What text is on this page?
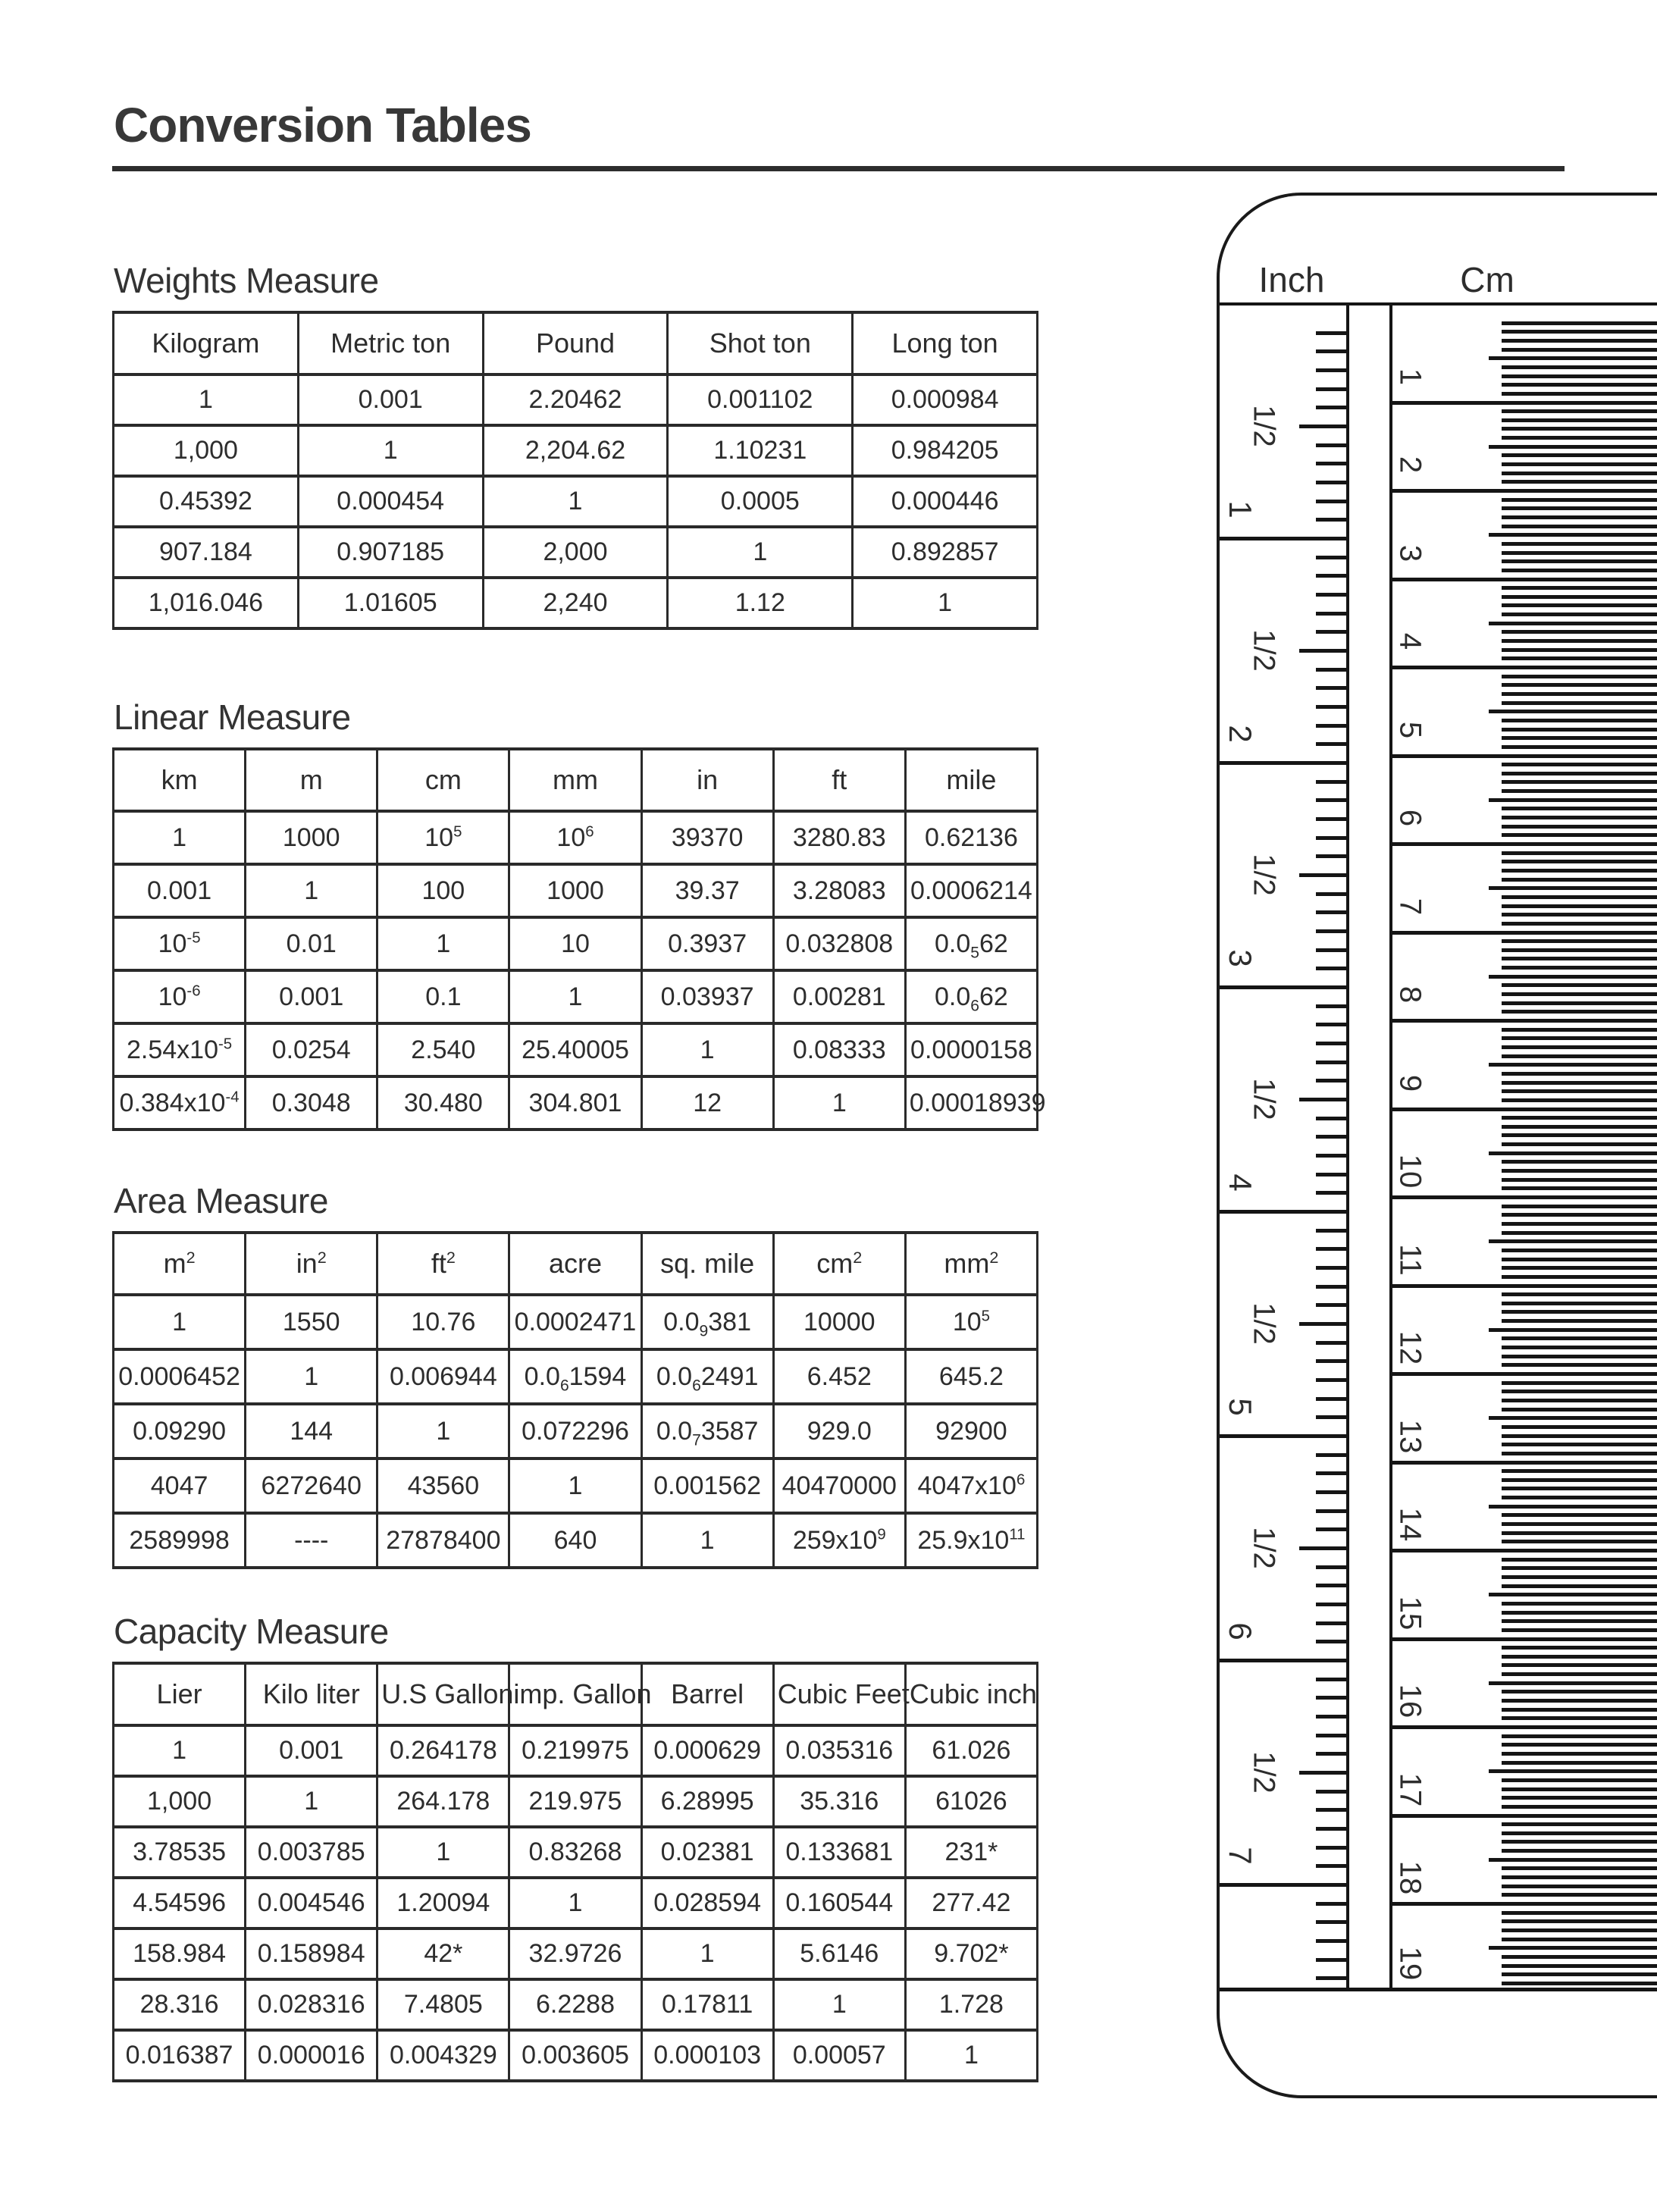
Conversion Tables
Weights Measure
Kilogram	Metric ton	Pound	Shot ton	Long ton
1	0.001	2.20462	0.001102	0.000984
1,000	1	2,204.62	1.10231	0.984205
0.45392	0.000454	1	0.0005	0.000446
907.184	0.907185	2,000	1	0.892857
1,016.046	1.01605	2,240	1.12	1
Linear Measure
km	m	cm	mm	in	ft	mile
1	1000	$10^5$	$10^6$	39370	3280.83	0.62136
0.001	1	100	1000	39.37	3.28083	0.0006214
$10^{-5}$	0.01	1	10	0.3937	0.032808	$0.0_562$
$10^{-6}$	0.001	0.1	1	0.03937	0.00281	$0.0_662$
$2.54x10^{-5}$	0.0254	2.540	25.40005	1	0.08333	0.0000158
$0.384x10^{-4}$	0.3048	30.480	304.801	12	1	0.00018939
Area Measure
$m^2$	$in^2$	$ft^2$	acre	sq. mile	$cm^2$	$mm^2$
1	1550	10.76	0.0002471	$0.0_9381$	10000	$10^5$
0.0006452	1	0.006944	$0.0_61594$	$0.0_62491$	6.452	645.2
0.09290	144	1	0.072296	$0.0_73587$	929.0	92900
4047	6272640	43560	1	0.001562	40470000	$4047x10^6$
2589998	----	27878400	640	1	$259x10^9$	$25.9x10^{11}$
Capacity Measure
Lier	Kilo liter	U.S Gallon	imp. Gallon	Barrel	Cubic Feet	Cubic inch
1	0.001	0.264178	0.219975	0.000629	0.035316	61.026
1,000	1	264.178	219.975	6.28995	35.316	61026
3.78535	0.003785	1	0.83268	0.02381	0.133681	231*
4.54596	0.004546	1.20094	1	0.028594	0.160544	277.42
158.984	0.158984	42*	32.9726	1	5.6146	9.702*
28.316	0.028316	7.4805	6.2288	0.17811	1	1.728
0.016387	0.000016	0.004329	0.003605	0.000103	0.00057	1
Inch	Cm
1
2
3
4
5
6
7
1/2
1/2
1/2
1/2
1/2
1/2
1/2
1
2
3
4
5
6
7
8
9
10
11
12
13
14
15
16
17
18
19
